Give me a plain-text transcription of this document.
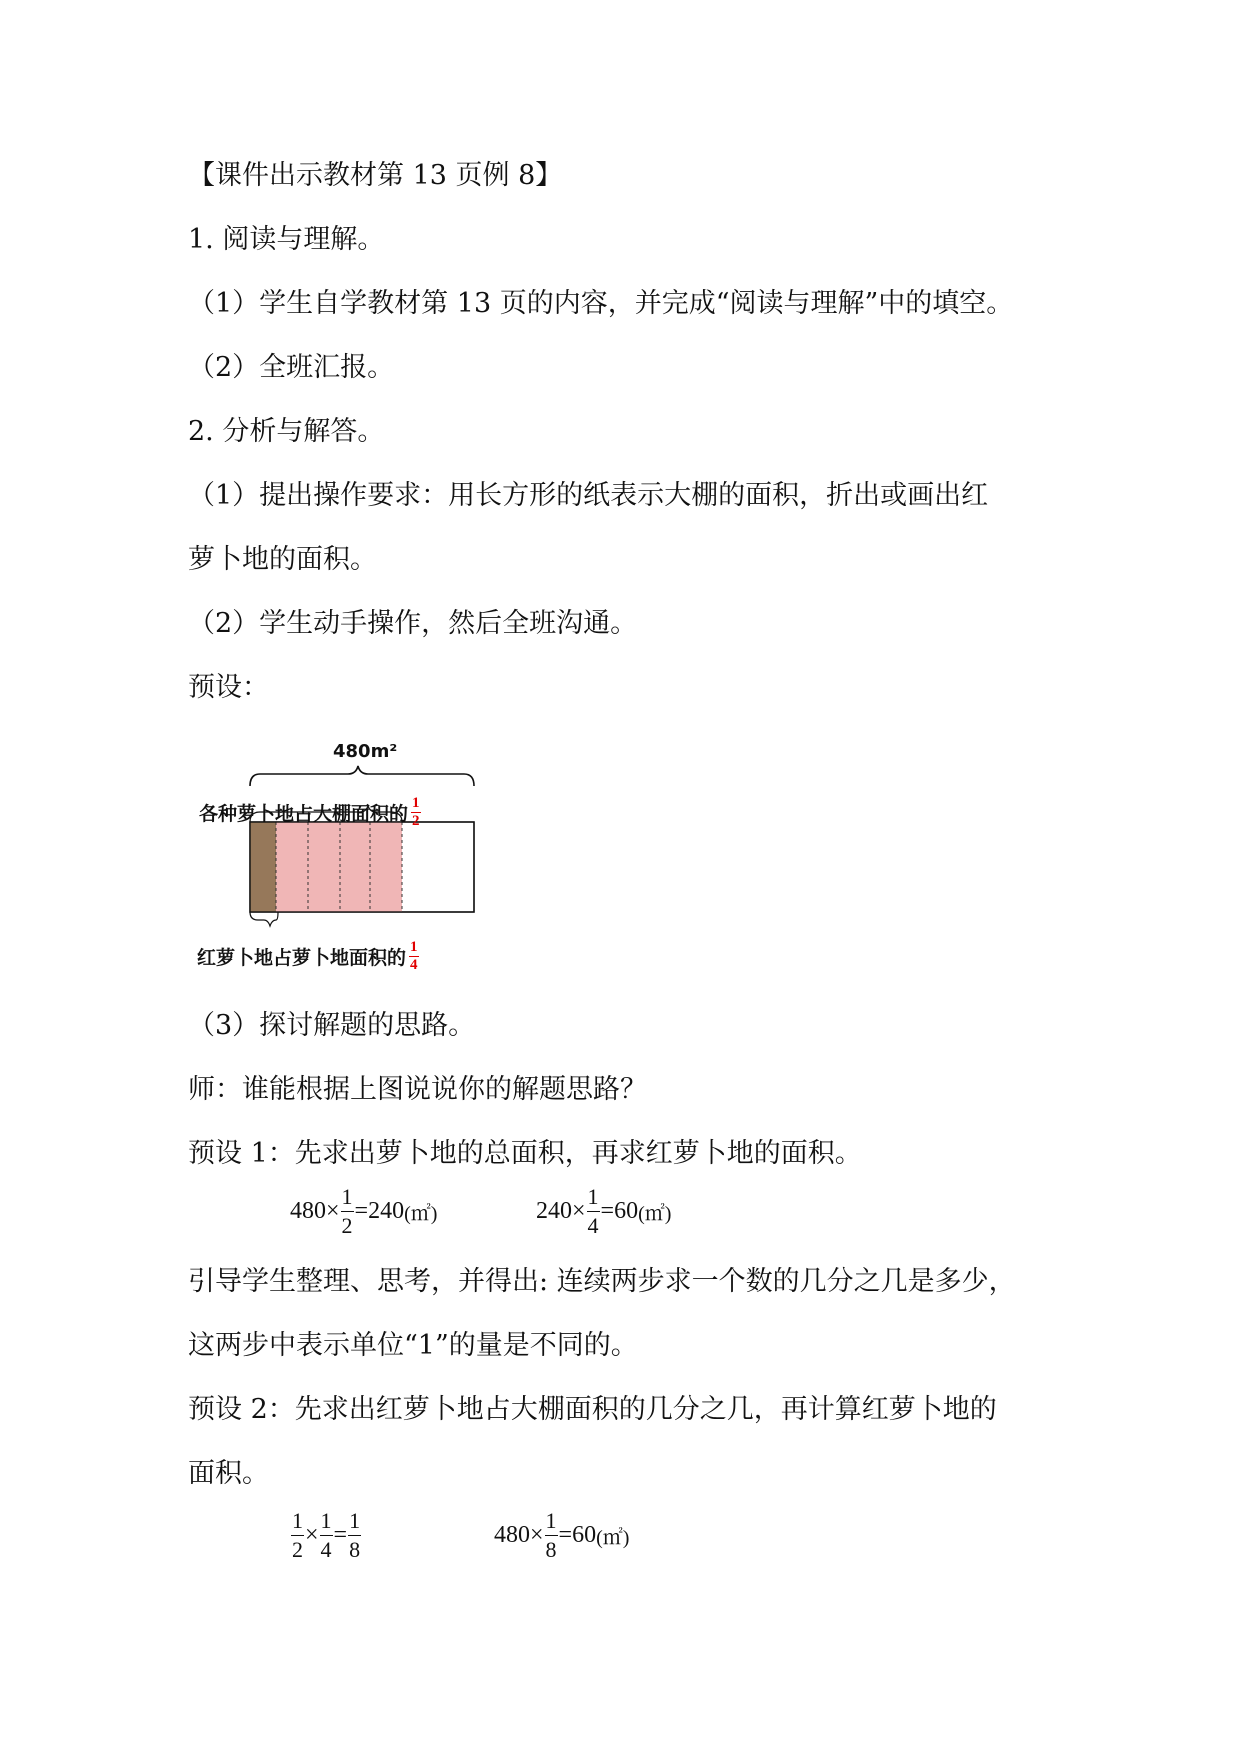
【课件出示教材第 13 页例 8】
1. 阅读与理解。
（1）学生自学教材第 13 页的内容，并完成“阅读与理解”中的填空。
（2）全班汇报。
2. 分析与解答。
（1）提出操作要求：用长方形的纸表示大棚的面积，折出或画出红
萝卜地的面积。
（2）学生动手操作，然后全班沟通。
预设：
480m²
各种萝卜地占大棚面积的 $\frac{1}{2}$
红萝卜地占萝卜地面积的 $\frac{1}{4}$
（3）探讨解题的思路。
师：谁能根据上图说说你的解题思路？
预设 1：先求出萝卜地的总面积，再求红萝卜地的面积。
$480\times \frac{1}{2} =240$ (㎡)	$240\times \frac{1}{4} =60$ (㎡)
引导学生整理、思考，并得出: 连续两步求一个数的几分之几是多少，
这两步中表示单位“1”的量是不同的。
预设 2：先求出红萝卜地占大棚面积的几分之几，再计算红萝卜地的
面积。
$\frac{1}{2} \times \frac{1}{4} = \frac{1}{8}$	$480\times \frac{1}{8} =60$ (㎡)
